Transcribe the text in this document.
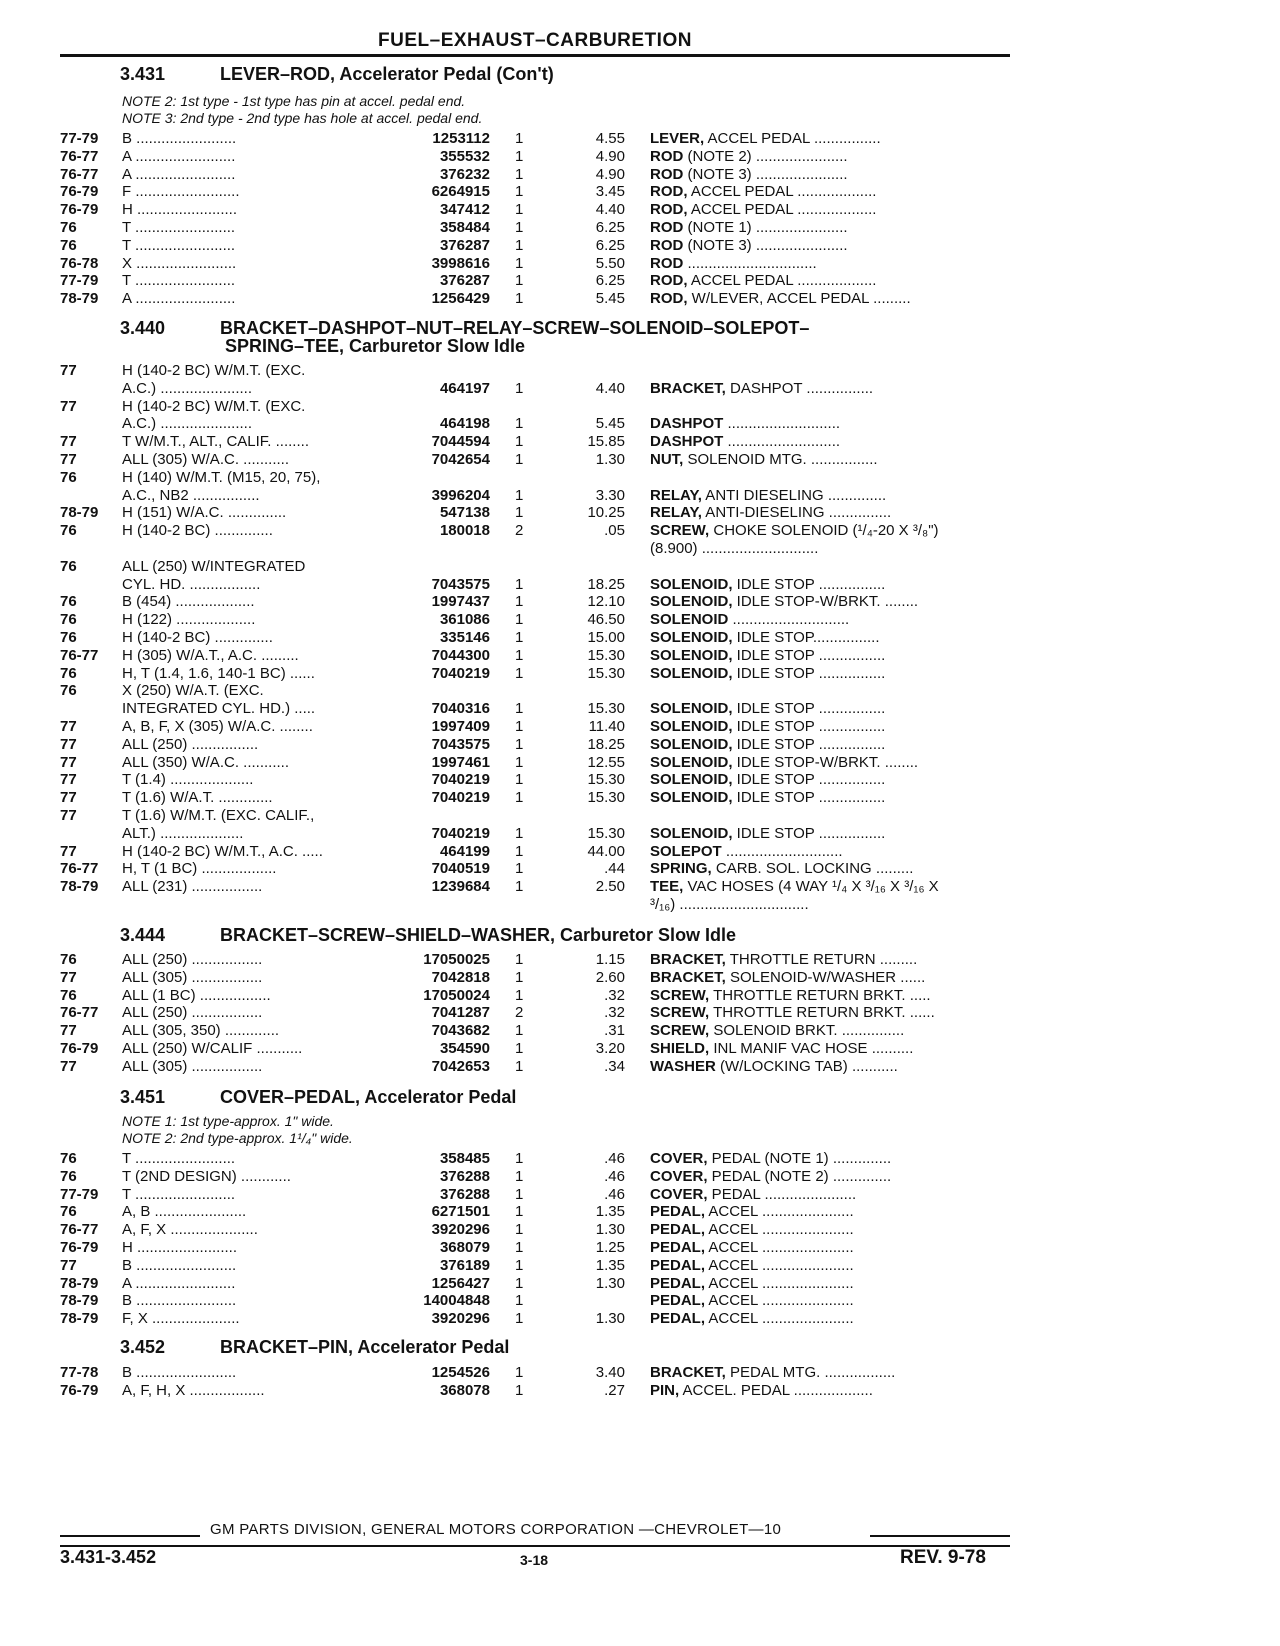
FUEL–EXHAUST–CARBURETION
3.431	LEVER–ROD, Accelerator Pedal (Con't)
NOTE 2: 1st type - 1st type has pin at accel. pedal end.
NOTE 3: 2nd type - 2nd type has hole at accel. pedal end.
77-79 B ........................	1253112 1	4.55 LEVER, ACCEL PEDAL ................
76-77 A ........................	355532 1	4.90 ROD (NOTE 2) ......................
76-77 A ........................	376232 1	4.90 ROD (NOTE 3) ......................
76-79 F .........................	6264915 1	3.45 ROD, ACCEL PEDAL ...................
76-79 H ........................	347412 1	4.40 ROD, ACCEL PEDAL ...................
76	T ........................	358484 1	6.25 ROD (NOTE 1) ......................
76	T ........................	376287 1	6.25 ROD (NOTE 3) ......................
76-78 X ........................	3998616 1	5.50 ROD ...............................
77-79 T ........................	376287 1	6.25 ROD, ACCEL PEDAL ...................
78-79 A ........................	1256429 1	5.45 ROD, W/LEVER, ACCEL PEDAL .........
3.440	BRACKET–DASHPOT–NUT–RELAY–SCREW–SOLENOID–SOLEPOT–
SPRING–TEE, Carburetor Slow Idle
77	H (140-2 BC) W/M.T. (EXC.
A.C.) ......................	464197 1	4.40 BRACKET, DASHPOT ................
77	H (140-2 BC) W/M.T. (EXC.
A.C.) ......................	464198 1	5.45 DASHPOT ...........................
77	T W/M.T., ALT., CALIF. ........	7044594 1	15.85 DASHPOT ...........................
77	ALL (305) W/A.C. ...........	7042654 1	1.30 NUT, SOLENOID MTG. ................
76	H (140) W/M.T. (M15, 20, 75),
A.C., NB2 ................	3996204 1	3.30 RELAY, ANTI DIESELING ..............
78-79 H (151) W/A.C. ..............	547138 1	10.25 RELAY, ANTI-DIESELING ...............
76	H (140-2 BC) ..............	180018 2	.05 SCREW, CHOKE SOLENOID (¹/₄-20 X ³/₈")
(8.900) ............................
76	ALL (250) W/INTEGRATED
CYL. HD. .................	7043575 1	18.25 SOLENOID, IDLE STOP ................
76	B (454) ...................	1997437 1	12.10 SOLENOID, IDLE STOP-W/BRKT. ........
76	H (122) ...................	361086 1	46.50 SOLENOID ............................
76	H (140-2 BC) ..............	335146 1	15.00 SOLENOID, IDLE STOP................
76-77 H (305) W/A.T., A.C. .........	7044300 1	15.30 SOLENOID, IDLE STOP ................
76	H, T (1.4, 1.6, 140-1 BC) ......	7040219 1	15.30 SOLENOID, IDLE STOP ................
76	X (250) W/A.T. (EXC.
INTEGRATED CYL. HD.) .....	7040316 1	15.30 SOLENOID, IDLE STOP ................
77	A, B, F, X (305) W/A.C. ........	1997409 1	11.40 SOLENOID, IDLE STOP ................
77	ALL (250) ................	7043575 1	18.25 SOLENOID, IDLE STOP ................
77	ALL (350) W/A.C. ...........	1997461 1	12.55 SOLENOID, IDLE STOP-W/BRKT. ........
77	T (1.4) ....................	7040219 1	15.30 SOLENOID, IDLE STOP ................
77	T (1.6) W/A.T. .............	7040219 1	15.30 SOLENOID, IDLE STOP ................
77	T (1.6) W/M.T. (EXC. CALIF.,
ALT.) ....................	7040219 1	15.30 SOLENOID, IDLE STOP ................
77	H (140-2 BC) W/M.T., A.C. .....	464199 1	44.00 SOLEPOT ............................
76-77 H, T (1 BC) ..................	7040519 1	.44 SPRING, CARB. SOL. LOCKING .........
78-79 ALL (231) .................	1239684 1	2.50 TEE, VAC HOSES (4 WAY ¹/₄ X ³/₁₆ X ³/₁₆ X
³/₁₆) ...............................
3.444	BRACKET–SCREW–SHIELD–WASHER, Carburetor Slow Idle
76	ALL (250) .................	17050025 1	1.15 BRACKET, THROTTLE RETURN .........
77	ALL (305) .................	7042818 1	2.60 BRACKET, SOLENOID-W/WASHER ......
76	ALL (1 BC) .................	17050024 1	.32 SCREW, THROTTLE RETURN BRKT. .....
76-77 ALL (250) .................	7041287 2	.32 SCREW, THROTTLE RETURN BRKT. ......
77	ALL (305, 350) .............	7043682 1	.31 SCREW, SOLENOID BRKT. ...............
76-79 ALL (250) W/CALIF ...........	354590 1	3.20 SHIELD, INL MANIF VAC HOSE ..........
77	ALL (305) .................	7042653 1	.34 WASHER (W/LOCKING TAB) ...........
3.451	COVER–PEDAL, Accelerator Pedal
NOTE 1: 1st type-approx. 1" wide.
NOTE 2: 2nd type-approx. 1¹/₄" wide.
76	T ........................	358485 1	.46 COVER, PEDAL (NOTE 1) ..............
76	T (2ND DESIGN) ............	376288 1	.46 COVER, PEDAL (NOTE 2) ..............
77-79 T ........................	376288 1	.46 COVER, PEDAL ......................
76	A, B ......................	6271501 1	1.35 PEDAL, ACCEL ......................
76-77 A, F, X .....................	3920296 1	1.30 PEDAL, ACCEL ......................
76-79 H ........................	368079 1	1.25 PEDAL, ACCEL ......................
77	B ........................	376189 1	1.35 PEDAL, ACCEL ......................
78-79 A ........................	1256427 1	1.30 PEDAL, ACCEL ......................
78-79 B ........................	14004848 1	PEDAL, ACCEL ......................
78-79 F, X .....................	3920296 1	1.30 PEDAL, ACCEL ......................
3.452	BRACKET–PIN, Accelerator Pedal
77-78 B ........................	1254526 1	3.40 BRACKET, PEDAL MTG. .................
76-79 A, F, H, X ..................	368078 1	.27 PIN, ACCEL. PEDAL ...................
GM PARTS DIVISION, GENERAL MOTORS CORPORATION —CHEVROLET—10
3.431-3.452	3-18	REV. 9-78
